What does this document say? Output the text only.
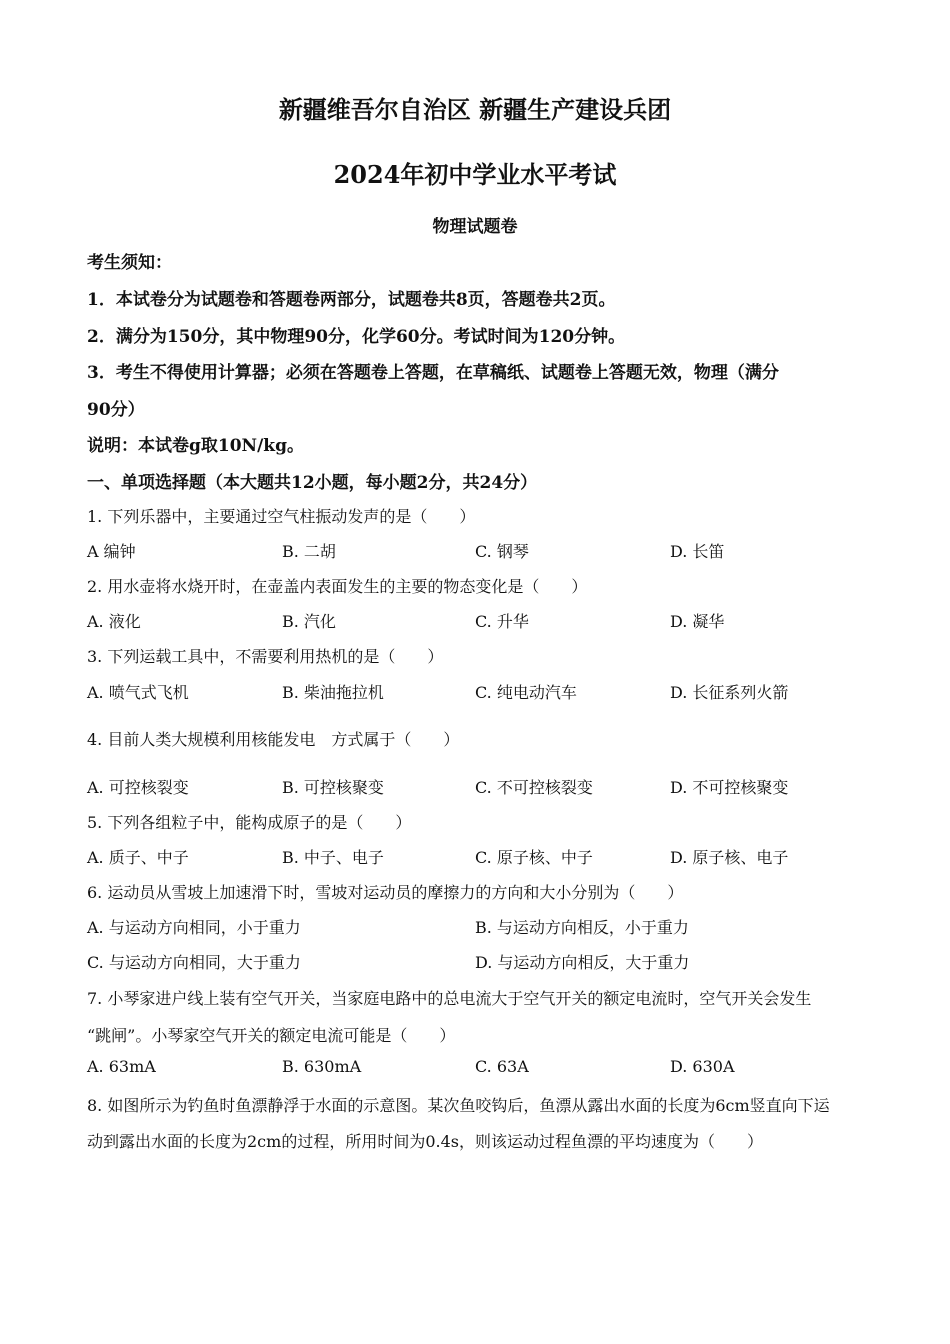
新疆维吾尔自治区 新疆生产建设兵团
2024年初中学业水平考试
物理试题卷
考生须知：
1．本试卷分为试题卷和答题卷两部分，试题卷共8页，答题卷共2页。
2．满分为150分，其中物理90分，化学60分。考试时间为120分钟。
3．考生不得使用计算器；必须在答题卷上答题，在草稿纸、试题卷上答题无效，物理（满分
90分）
说明：本试卷g取10N/kg。
一、单项选择题（本大题共12小题，每小题2分，共24分）
1. 下列乐器中，主要通过空气柱振动发声的是（　　）
A 编钟	B. 二胡	C. 钢琴	D. 长笛
2. 用水壶将水烧开时，在壶盖内表面发生的主要的物态变化是（　　）
A. 液化	B. 汽化	C. 升华	D. 凝华
3. 下列运载工具中，不需要利用热机的是（　　）
A. 喷气式飞机	B. 柴油拖拉机	C. 纯电动汽车	D. 长征系列火箭
4. 目前人类大规模利用核能发电　方式属于（　　）
A. 可控核裂变	B. 可控核聚变	C. 不可控核裂变	D. 不可控核聚变
5. 下列各组粒子中，能构成原子的是（　　）
A. 质子、中子	B. 中子、电子	C. 原子核、中子	D. 原子核、电子
6. 运动员从雪坡上加速滑下时，雪坡对运动员的摩擦力的方向和大小分别为（　　）
A. 与运动方向相同，小于重力	B. 与运动方向相反，小于重力
C. 与运动方向相同，大于重力	D. 与运动方向相反，大于重力
7. 小琴家进户线上装有空气开关，当家庭电路中的总电流大于空气开关的额定电流时，空气开关会发生
“跳闸”。小琴家空气开关的额定电流可能是（　　）
A. 63mA	B. 630mA	C. 63A	D. 630A
8. 如图所示为钓鱼时鱼漂静浮于水面的示意图。某次鱼咬钩后，鱼漂从露出水面的长度为6cm竖直向下运
动到露出水面的长度为2cm的过程，所用时间为0.4s，则该运动过程鱼漂的平均速度为（　　）
